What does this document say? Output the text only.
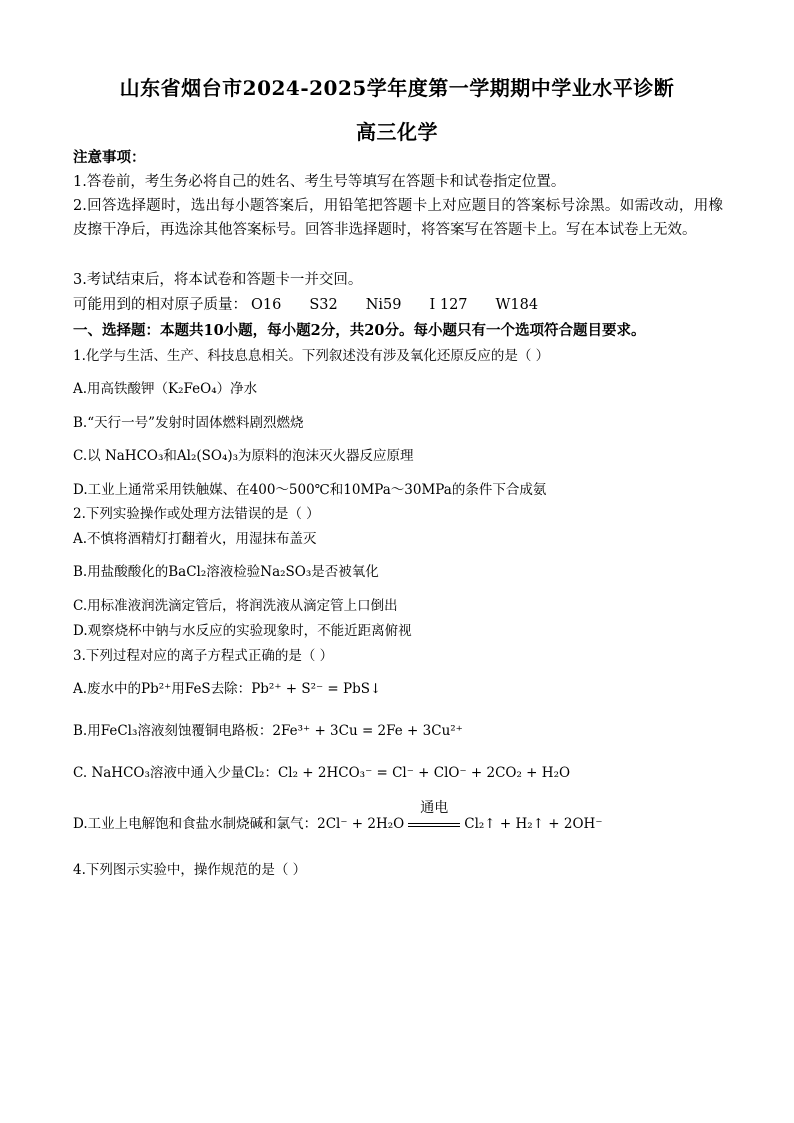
山东省烟台市2024-2025学年度第一学期期中学业水平诊断
高三化学
注意事项：
1.答卷前，考生务必将自己的姓名、考生号等填写在答题卡和试卷指定位置。
2.回答选择题时，选出每小题答案后，用铅笔把答题卡上对应题目的答案标号涂黑。如需改动，用橡皮擦干净后，再选涂其他答案标号。回答非选择题时，将答案写在答题卡上。写在本试卷上无效。
3.考试结束后，将本试卷和答题卡一并交回。
可能用到的相对原子质量： O16 S32 Ni59 I 127 W184
一、选择题：本题共10小题，每小题2分，共20分。每小题只有一个选项符合题目要求。
1.化学与生活、生产、科技息息相关。下列叙述没有涉及氧化还原反应的是（ ）
A.用高铁酸钾（K₂FeO₄）净水
B.“天行一号”发射时固体燃料剧烈燃烧
C.以 NaHCO₃和Al₂(SO₄)₃为原料的泡沫灭火器反应原理
D.工业上通常采用铁触媒、在400～500℃和10MPa～30MPa的条件下合成氨
2.下列实验操作或处理方法错误的是（ ）
A.不慎将酒精灯打翻着火，用湿抹布盖灭
B.用盐酸酸化的BaCl₂溶液检验Na₂SO₃是否被氧化
C.用标准液润洗滴定管后，将润洗液从滴定管上口倒出
D.观察烧杯中钠与水反应的实验现象时，不能近距离俯视
3.下列过程对应的离子方程式正确的是（ ）
A.废水中的Pb²⁺用FeS去除：Pb²⁺ + S²⁻ = PbS↓
B.用FeCl₃溶液刻蚀覆铜电路板：2Fe³⁺ + 3Cu = 2Fe + 3Cu²⁺
C. NaHCO₃溶液中通入少量Cl₂：Cl₂ + 2HCO₃⁻ = Cl⁻ + ClO⁻ + 2CO₂ + H₂O
D.工业上电解饱和食盐水制烧碱和氯气：2Cl⁻ + 2H₂O
通电
Cl₂↑ + H₂↑ + 2OH⁻
4.下列图示实验中，操作规范的是（ ）
